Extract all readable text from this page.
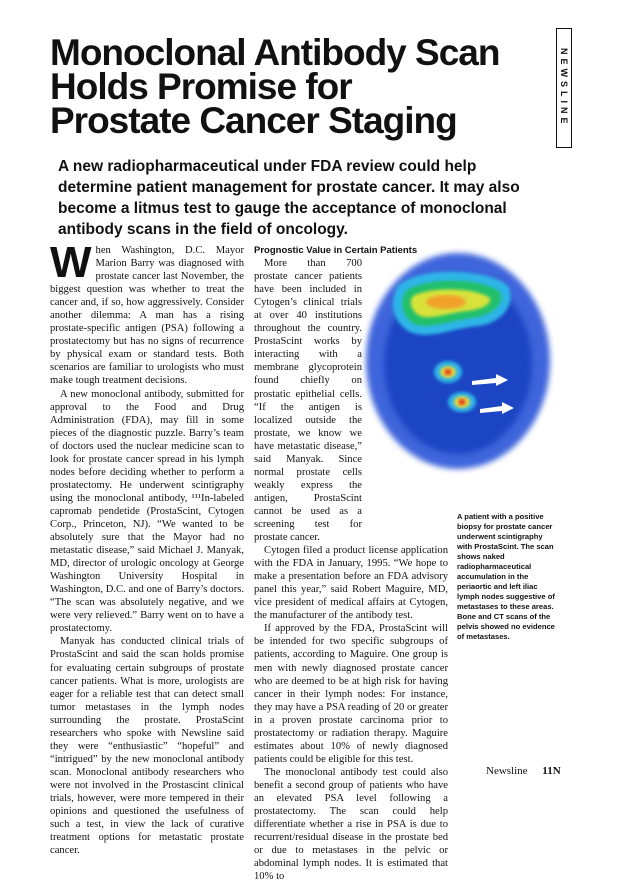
NEWSLINE
Monoclonal Antibody Scan
Holds Promise for
Prostate Cancer Staging

A new radiopharmaceutical under FDA review could help determine patient management for prostate cancer. It may also become a litmus test to gauge the acceptance of monoclonal antibody scans in the field of oncology.

When Washington, D.C. Mayor Marion Barry was diagnosed with prostate cancer last November, the biggest question was whether to treat the cancer and, if so, how aggressively. Consider another dilemma: A man has a rising prostate-specific antigen (PSA) following a prostatectomy but has no signs of recurrence by physical exam or standard tests. Both scenarios are familiar to urologists who must make tough treatment decisions.

A new monoclonal antibody, submitted for approval to the Food and Drug Administration (FDA), may fill in some pieces of the diagnostic puzzle. Barry’s team of doctors used the nuclear medicine scan to look for prostate cancer spread in his lymph nodes before deciding whether to perform a prostatectomy. He underwent scintigraphy using the monoclonal antibody, ¹¹¹In-labeled capromab pendetide (ProstaScint, Cytogen Corp., Princeton, NJ). “We wanted to be absolutely sure that the Mayor had no metastatic disease,” said Michael J. Manyak, MD, director of urologic oncology at George Washington University Hospital in Washington, D.C. and one of Barry’s doctors. “The scan was absolutely negative, and we were very relieved.” Barry went on to have a prostatectomy.

Manyak has conducted clinical trials of ProstaScint and said the scan holds promise for evaluating certain subgroups of prostate cancer patients. What is more, urologists are eager for a reliable test that can detect small tumor metastases in the lymph nodes surrounding the prostate. ProstaScint researchers who spoke with Newsline said they were “enthusiastic” “hopeful” and “intrigued” by the new monoclonal antibody scan. Monoclonal antibody researchers who were not involved in the Prostascint clinical trials, however, were more tempered in their opinions and questioned the usefulness of such a test, in view the lack of curative treatment options for metastatic prostate cancer.

Prognostic Value in Certain Patients

More than 700 prostate cancer patients have been included in Cytogen’s clinical trials at over 40 institutions throughout the country. ProstaScint works by interacting with a membrane glycoprotein found chiefly on prostatic epithelial cells. “If the antigen is localized outside the prostate, we know we have metastatic disease,” said Manyak. Since normal prostate cells weakly express the antigen, ProstaScint cannot be used as a screening test for prostate cancer.

Cytogen filed a product license application with the FDA in January, 1995. “We hope to make a presentation before an FDA advisory panel this year,” said Robert Maguire, MD, vice president of medical affairs at Cytogen, the manufacturer of the antibody test.

If approved by the FDA, ProstaScint will be intended for two specific subgroups of patients, according to Maguire. One group is men with newly diagnosed prostate cancer who are deemed to be at high risk for having cancer in their lymph nodes: For instance, they may have a PSA reading of 20 or greater in a proven prostate carcinoma prior to prostatectomy or radiation therapy. Maguire estimates about 10% of newly diagnosed patients could be eligible for this test.

The monoclonal antibody test could also benefit a second group of patients who have an elevated PSA level following a prostatectomy. The scan could help differentiate whether a rise in PSA is due to recurrent/residual disease in the prostate bed or due to metastases in the pelvic or abdominal lymph nodes. It is estimated that 10% to

A patient with a positive biopsy for prostate cancer underwent scintigraphy with ProstaScint. The scan shows naked radiopharmaceutical accumulation in the periaortic and left iliac lymph nodes suggestive of metastases to these areas. Bone and CT scans of the pelvis showed no evidence of metastases.
Newsline 11N
